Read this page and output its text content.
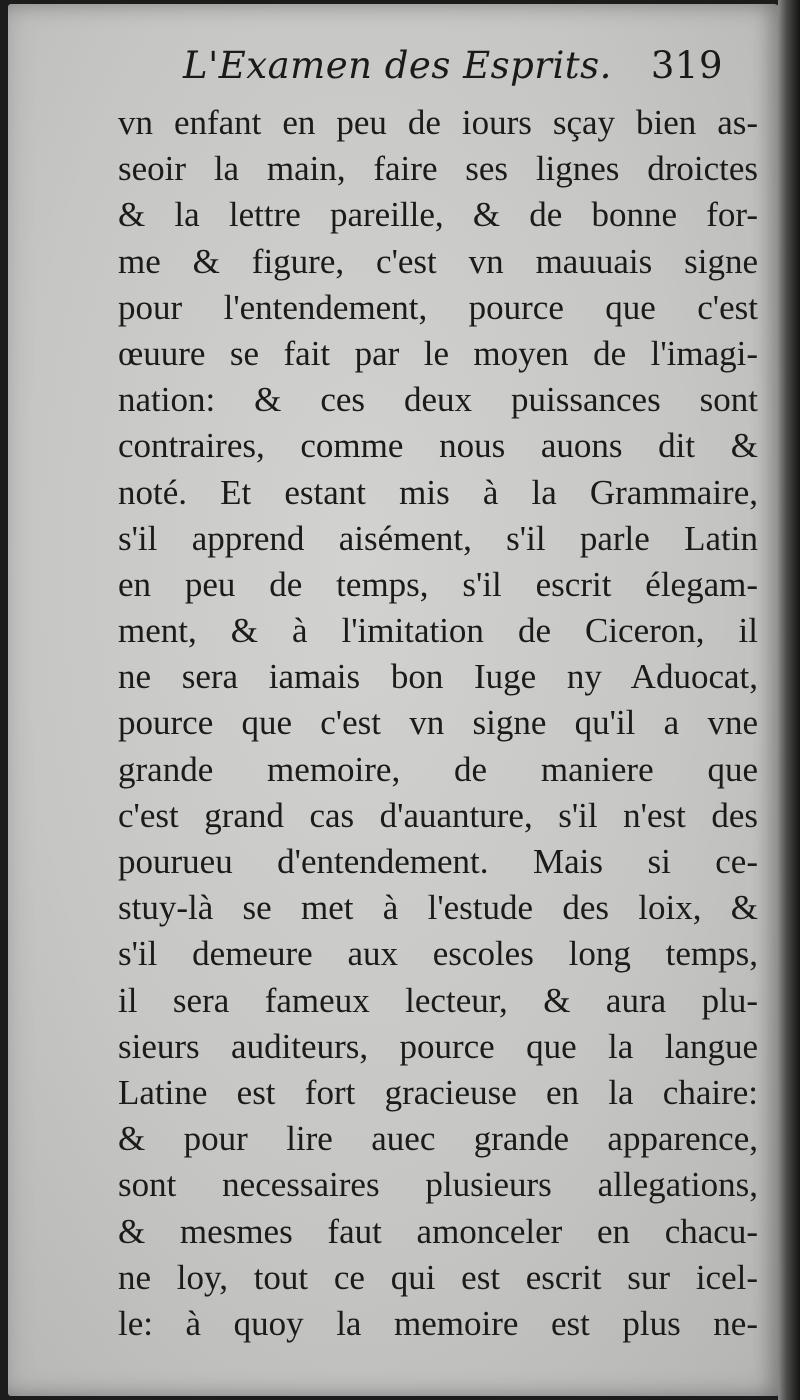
L'Examen des Esprits. 319
vn enfant en peu de iours sçay bien as-
seoir la main, faire ses lignes droictes
& la lettre pareille, & de bonne for-
me & figure, c'est vn mauuais signe
pour l'entendement, pource que c'est
œuure se fait par le moyen de l'imagi-
nation: & ces deux puissances sont
contraires, comme nous auons dit &
noté. Et estant mis à la Grammaire,
s'il apprend aisément, s'il parle Latin
en peu de temps, s'il escrit élegam-
ment, & à l'imitation de Ciceron, il
ne sera iamais bon Iuge ny Aduocat,
pource que c'est vn signe qu'il a vne
grande memoire, de maniere que
c'est grand cas d'auanture, s'il n'est des
pourueu d'entendement. Mais si ce-
stuy-là se met à l'estude des loix, &
s'il demeure aux escoles long temps,
il sera fameux lecteur, & aura plu-
sieurs auditeurs, pource que la langue
Latine est fort gracieuse en la chaire:
& pour lire auec grande apparence,
sont necessaires plusieurs allegations,
& mesmes faut amonceler en chacu-
ne loy, tout ce qui est escrit sur icel-
le: à quoy la memoire est plus ne-
